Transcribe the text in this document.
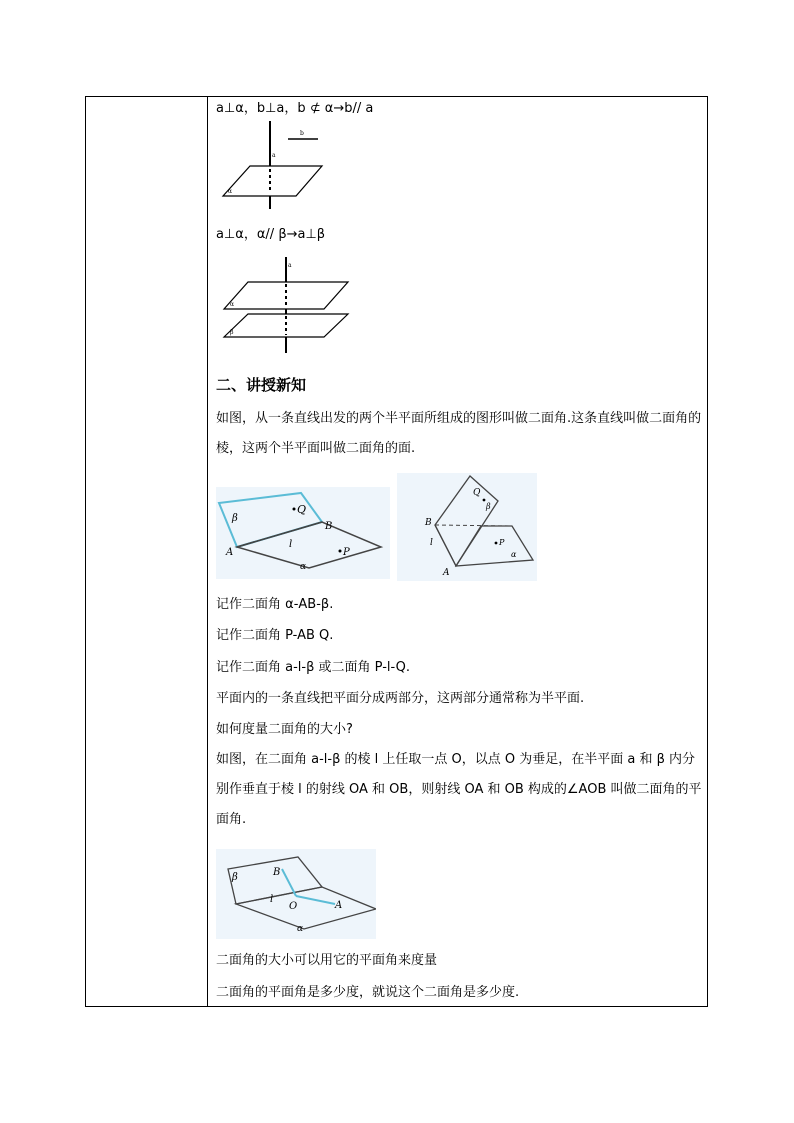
a⊥α，b⊥a，b ⊄ α→b// a
b
a
α
a⊥α，α// β→a⊥β
a
α
β
二、讲授新知
如图，从一条直线出发的两个半平面所组成的图形叫做二面角.这条直线叫做二面角的棱，这两个半平面叫做二面角的面.
β
Q
B
A
l
P
α
Q
β
B
l
A
P
α
记作二面角 α-AB-β.
记作二面角 P-AB Q.
记作二面角 a-l-β 或二面角 P-l-Q.
平面内的一条直线把平面分成两部分，这两部分通常称为半平面.
如何度量二面角的大小?
如图，在二面角 a-l-β 的棱 l 上任取一点 O，以点 O 为垂足，在半平面 a 和 β 内分别作垂直于棱 l 的射线 OA 和 OB，则射线 OA 和 OB 构成的∠AOB 叫做二面角的平面角.
β	B
l
O	A
α
二面角的大小可以用它的平面角来度量
二面角的平面角是多少度，就说这个二面角是多少度.
